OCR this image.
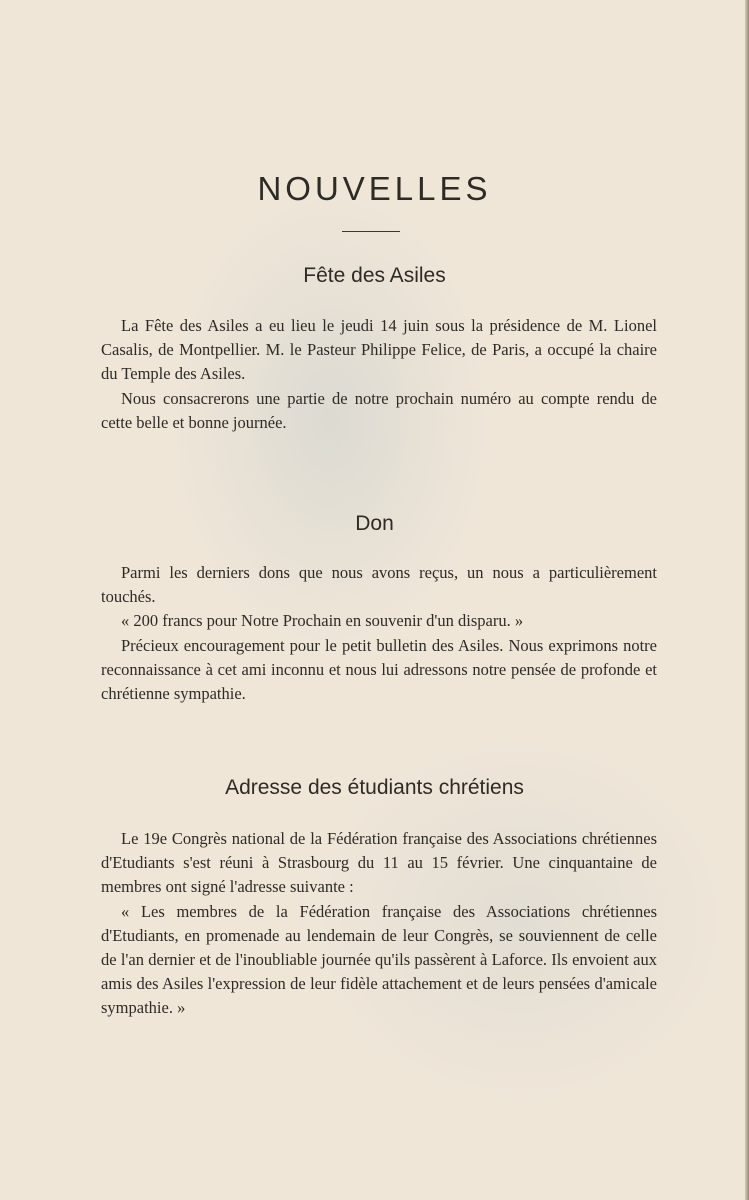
NOUVELLES
Fête des Asiles

La Fête des Asiles a eu lieu le jeudi 14 juin sous la présidence de M. Lionel Casalis, de Montpellier. M. le Pasteur Philippe Felice, de Paris, a occupé la chaire du Temple des Asiles.

Nous consacrerons une partie de notre prochain numéro au compte rendu de cette belle et bonne journée.

Don

Parmi les derniers dons que nous avons reçus, un nous a particulièrement touchés.

« 200 francs pour Notre Prochain en souvenir d'un disparu. »

Précieux encouragement pour le petit bulletin des Asiles. Nous exprimons notre reconnaissance à cet ami inconnu et nous lui adressons notre pensée de profonde et chrétienne sympathie.

Adresse des étudiants chrétiens

Le 19e Congrès national de la Fédération française des Associations chrétiennes d'Etudiants s'est réuni à Strasbourg du 11 au 15 février. Une cinquantaine de membres ont signé l'adresse suivante :

« Les membres de la Fédération française des Associations chrétiennes d'Etudiants, en promenade au lendemain de leur Congrès, se souviennent de celle de l'an dernier et de l'inoubliable journée qu'ils passèrent à Laforce. Ils envoient aux amis des Asiles l'expression de leur fidèle attachement et de leurs pensées d'amicale sympathie. »
